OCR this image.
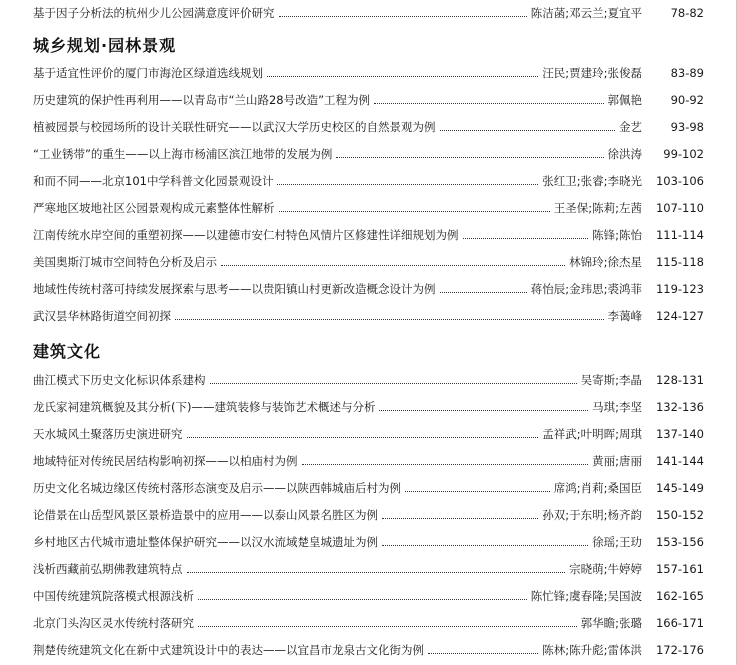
基于因子分析法的杭州少儿公园满意度评价研究	陈洁菡;邓云兰;夏宜平	78-82
城乡规划·园林景观
基于适宜性评价的厦门市海沧区绿道选线规划	汪民;贾建玲;张俊磊	83-89
历史建筑的保护性再利用——以青岛市“兰山路28号改造”工程为例	郭佩艳	90-92
植被园景与校园场所的设计关联性研究——以武汉大学历史校区的自然景观为例	金艺	93-98
“工业锈带”的重生——以上海市杨浦区滨江地带的发展为例	徐洪涛	99-102
和而不同——北京101中学科普文化园景观设计	张红卫;张睿;李晓光	103-106
严寒地区坡地社区公园景观构成元素整体性解析	王圣保;陈莉;左茜	107-110
江南传统水岸空间的重塑初探——以建德市安仁村特色风情片区修建性详细规划为例	陈锋;陈怡	111-114
美国奥斯汀城市空间特色分析及启示	林锦玲;徐杰星	115-118
地域性传统村落可持续发展探索与思考——以贵阳镇山村更新改造概念设计为例	蒋怡辰;金玮思;裘鸿菲	119-123
武汉昙华林路街道空间初探	李蔼峰	124-127
建筑文化
曲江模式下历史文化标识体系建构	吴寄斯;李晶	128-131
龙氏家祠建筑概貌及其分析(下)——建筑装修与装饰艺术概述与分析	马琪;李坚	132-136
天水城风土聚落历史演进研究	孟祥武;叶明晖;周琪	137-140
地域特征对传统民居结构影响初探——以柏庙村为例	黄丽;唐丽	141-144
历史文化名城边缘区传统村落形态演变及启示——以陕西韩城庙后村为例	席鸿;肖莉;桑国臣	145-149
论借景在山岳型风景区景桥造景中的应用——以泰山风景名胜区为例	孙双;于东明;杨齐韵	150-152
乡村地区古代城市遗址整体保护研究——以汉水流域楚皇城遗址为例	徐瑶;王玏	153-156
浅析西藏前弘期佛教建筑特点	宗晓萌;牛婷婷	157-161
中国传统建筑院落模式根源浅析	陈忙锋;虞春隆;吴国波	162-165
北京门头沟区灵水传统村落研究	郭华瞻;张璐	166-171
荆楚传统建筑文化在新中式建筑设计中的表达——以宜昌市龙泉古文化街为例	陈林;陈升彪;雷体洪	172-176
